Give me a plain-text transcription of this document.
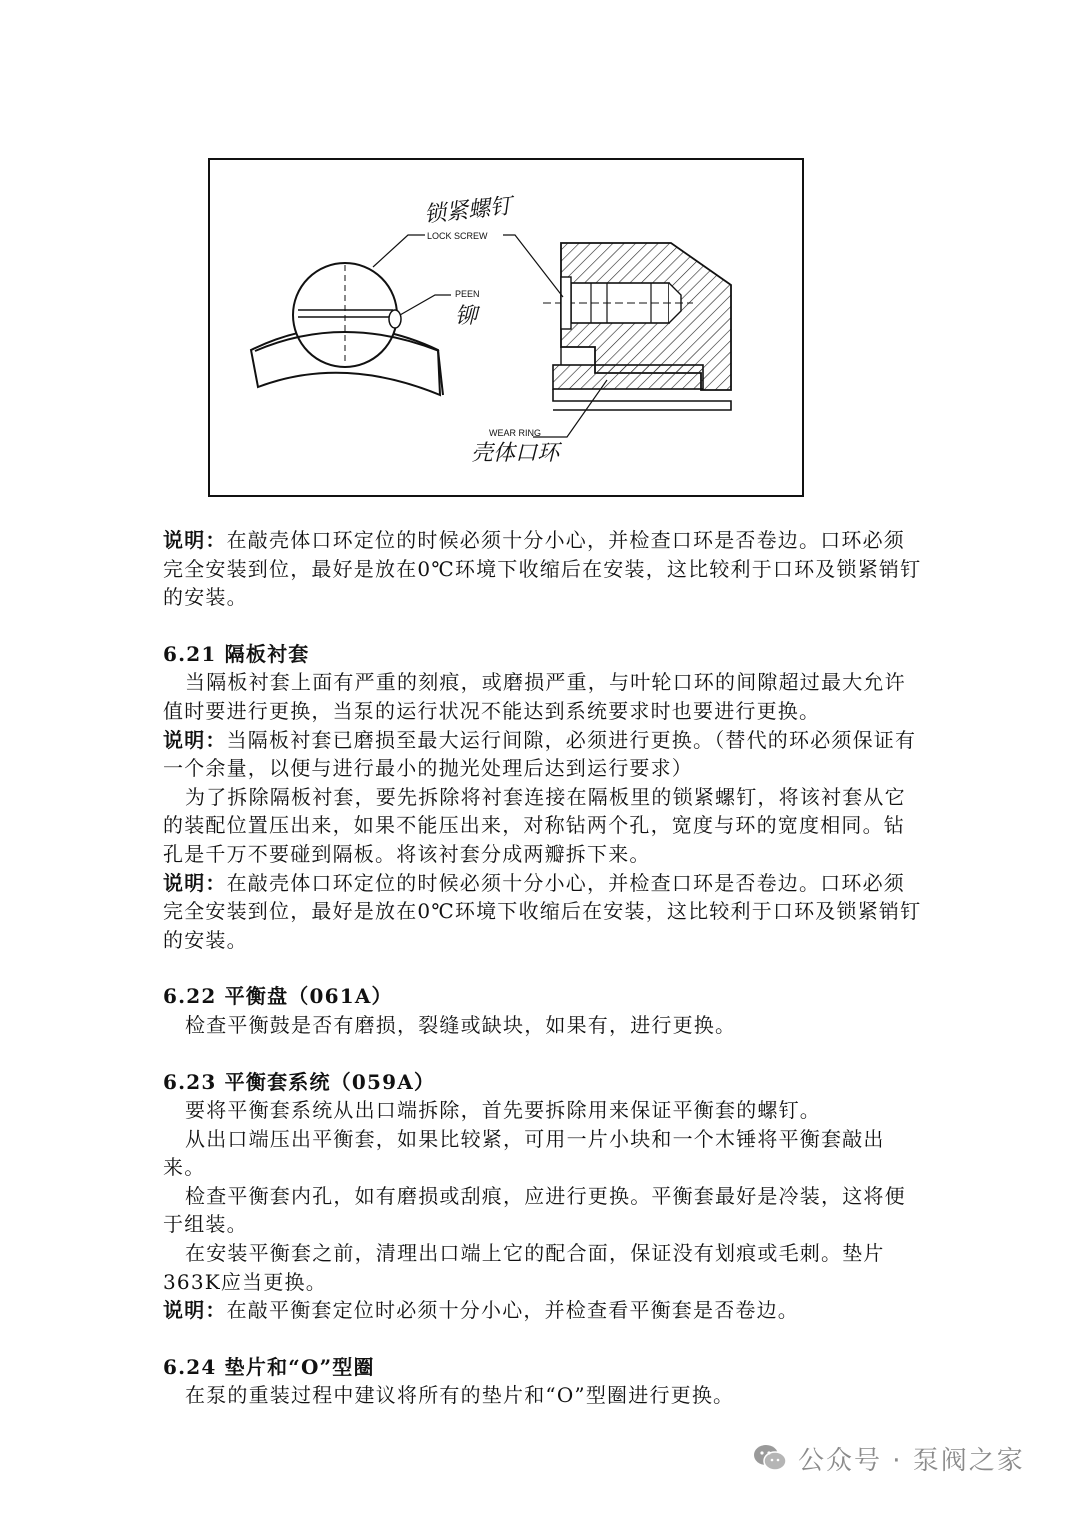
LOCK SCREW
PEEN
WEAR RING
锁紧螺钉
铆
壳体口环

说明：在敲壳体口环定位的时候必须十分小心，并检查口环是否卷边。口环必须完全安装到位，最好是放在0℃环境下收缩后在安装，这比较利于口环及锁紧销钉的安装。

6.21 隔板衬套

当隔板衬套上面有严重的刻痕，或磨损严重，与叶轮口环的间隙超过最大允许值时要进行更换，当泵的运行状况不能达到系统要求时也要进行更换。

说明：当隔板衬套已磨损至最大运行间隙，必须进行更换。（替代的环必须保证有一个余量，以便与进行最小的抛光处理后达到运行要求）

为了拆除隔板衬套，要先拆除将衬套连接在隔板里的锁紧螺钉，将该衬套从它的装配位置压出来，如果不能压出来，对称钻两个孔，宽度与环的宽度相同。钻孔是千万不要碰到隔板。将该衬套分成两瓣拆下来。

说明：在敲壳体口环定位的时候必须十分小心，并检查口环是否卷边。口环必须完全安装到位，最好是放在0℃环境下收缩后在安装，这比较利于口环及锁紧销钉的安装。

6.22 平衡盘（061A）

检查平衡鼓是否有磨损，裂缝或缺块，如果有，进行更换。

6.23 平衡套系统（059A）

要将平衡套系统从出口端拆除，首先要拆除用来保证平衡套的螺钉。

从出口端压出平衡套，如果比较紧，可用一片小块和一个木锤将平衡套敲出来。

检查平衡套内孔，如有磨损或刮痕，应进行更换。平衡套最好是冷装，这将便于组装。

在安装平衡套之前，清理出口端上它的配合面，保证没有划痕或毛刺。垫片363K应当更换。

说明：在敲平衡套定位时必须十分小心，并检查看平衡套是否卷边。

6.24 垫片和“O”型圈

在泵的重装过程中建议将所有的垫片和“O”型圈进行更换。

公众号 · 泵阀之家
